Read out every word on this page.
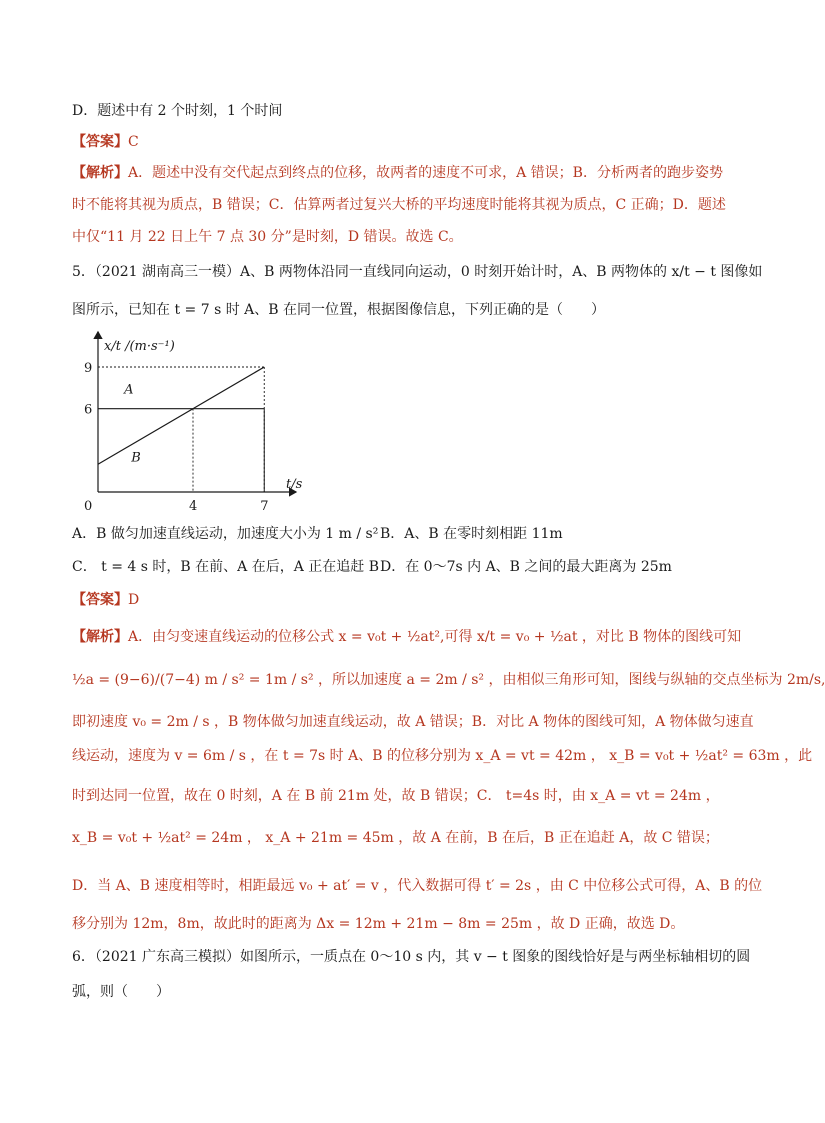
D．题述中有 2 个时刻，1 个时间
【答案】C
【解析】A．题述中没有交代起点到终点的位移，故两者的速度不可求，A 错误；B．分析两者的跑步姿势
时不能将其视为质点，B 错误；C．估算两者过复兴大桥的平均速度时能将其视为质点，C 正确；D．题述
中仅“11 月 22 日上午 7 点 30 分”是时刻，D 错误。故选 C。
5．（2021 湖南高三一模）A、B 两物体沿同一直线同向运动，0 时刻开始计时，A、B 两物体的 x/t − t 图像如
图所示，已知在 t = 7 s 时 A、B 在同一位置，根据图像信息，下列正确的是（　　）
A
B
9
6
4	7
0
t/s
x/t /(m·s⁻¹)
A．B 做匀加速直线运动，加速度大小为 1 m / s² B．A、B 在零时刻相距 11m
C． t = 4 s 时，B 在前、A 在后，A 正在追赶 B D．在 0～7s 内 A、B 之间的最大距离为 25m
【答案】D
【解析】A．由匀变速直线运动的位移公式 x = v₀t + ½at²,可得 x/t = v₀ + ½at ，对比 B 物体的图线可知
½a = (9−6)/(7−4) m / s² = 1m / s² ，所以加速度 a = 2m / s² ，由相似三角形可知，图线与纵轴的交点坐标为 2m/s,
即初速度 v₀ = 2m / s ，B 物体做匀加速直线运动，故 A 错误；B．对比 A 物体的图线可知，A 物体做匀速直
线运动，速度为 v = 6m / s ，在 t = 7s 时 A、B 的位移分别为 x_A = vt = 42m ， x_B = v₀t + ½at² = 63m ，此
时到达同一位置，故在 0 时刻，A 在 B 前 21m 处，故 B 错误；C． t=4s 时，由 x_A = vt = 24m ，
x_B = v₀t + ½at² = 24m ， x_A + 21m = 45m ，故 A 在前，B 在后，B 正在追赶 A，故 C 错误；
D．当 A、B 速度相等时，相距最远 v₀ + at′ = v ，代入数据可得 t′ = 2s ，由 C 中位移公式可得，A、B 的位
移分别为 12m，8m，故此时的距离为 Δx = 12m + 21m − 8m = 25m ，故 D 正确，故选 D。
6．（2021 广东高三模拟）如图所示，一质点在 0～10 s 内，其 v − t 图象的图线恰好是与两坐标轴相切的圆
弧，则（　　）
